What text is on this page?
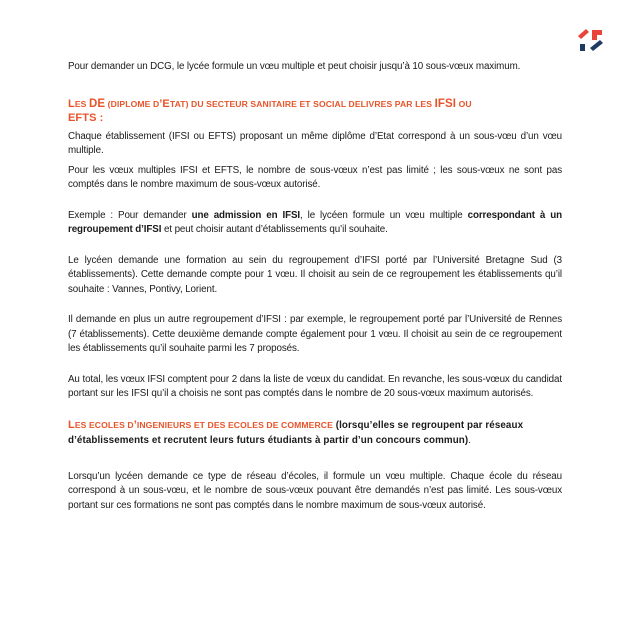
Pour demander un DCG, le lycée formule un vœu multiple et peut choisir jusqu’à 10 sous-vœux maximum.

LES DE (DIPLOME D’ETAT) DU SECTEUR SANITAIRE ET SOCIAL DELIVRES PAR LES IFSI OU
EFTS :

Chaque établissement (IFSI ou EFTS) proposant un même diplôme d’Etat correspond à un sous-vœu d’un vœu multiple.

Pour les vœux multiples IFSI et EFTS, le nombre de sous-vœux n’est pas limité ; les sous-vœux ne sont pas comptés dans le nombre maximum de sous-vœux autorisé.

Exemple : Pour demander une admission en IFSI, le lycéen formule un vœu multiple correspondant à un regroupement d’IFSI et peut choisir autant d’établissements qu’il souhaite.

Le lycéen demande une formation au sein du regroupement d’IFSI porté par l’Université Bretagne Sud (3 établissements). Cette demande compte pour 1 vœu. Il choisit au sein de ce regroupement les établissements qu’il souhaite : Vannes, Pontivy, Lorient.

Il demande en plus un autre regroupement d’IFSI : par exemple, le regroupement porté par l’Université de Rennes (7 établissements). Cette deuxième demande compte également pour 1 vœu. Il choisit au sein de ce regroupement les établissements qu’il souhaite parmi les 7 proposés.

Au total, les vœux IFSI comptent pour 2 dans la liste de vœux du candidat. En revanche, les sous-vœux du candidat portant sur les IFSI qu’il a choisis ne sont pas comptés dans le nombre de 20 sous-vœux maximum autorisés.

LES ECOLES D’INGENIEURS ET DES ECOLES DE COMMERCE (lorsqu’elles se regroupent par réseaux d’établissements et recrutent leurs futurs étudiants à partir d’un concours commun).

Lorsqu’un lycéen demande ce type de réseau d’écoles, il formule un vœu multiple. Chaque école du réseau correspond à un sous-vœu, et le nombre de sous-vœux pouvant être demandés n’est pas limité. Les sous-vœux portant sur ces formations ne sont pas comptés dans le nombre maximum de sous-vœux autorisé.
